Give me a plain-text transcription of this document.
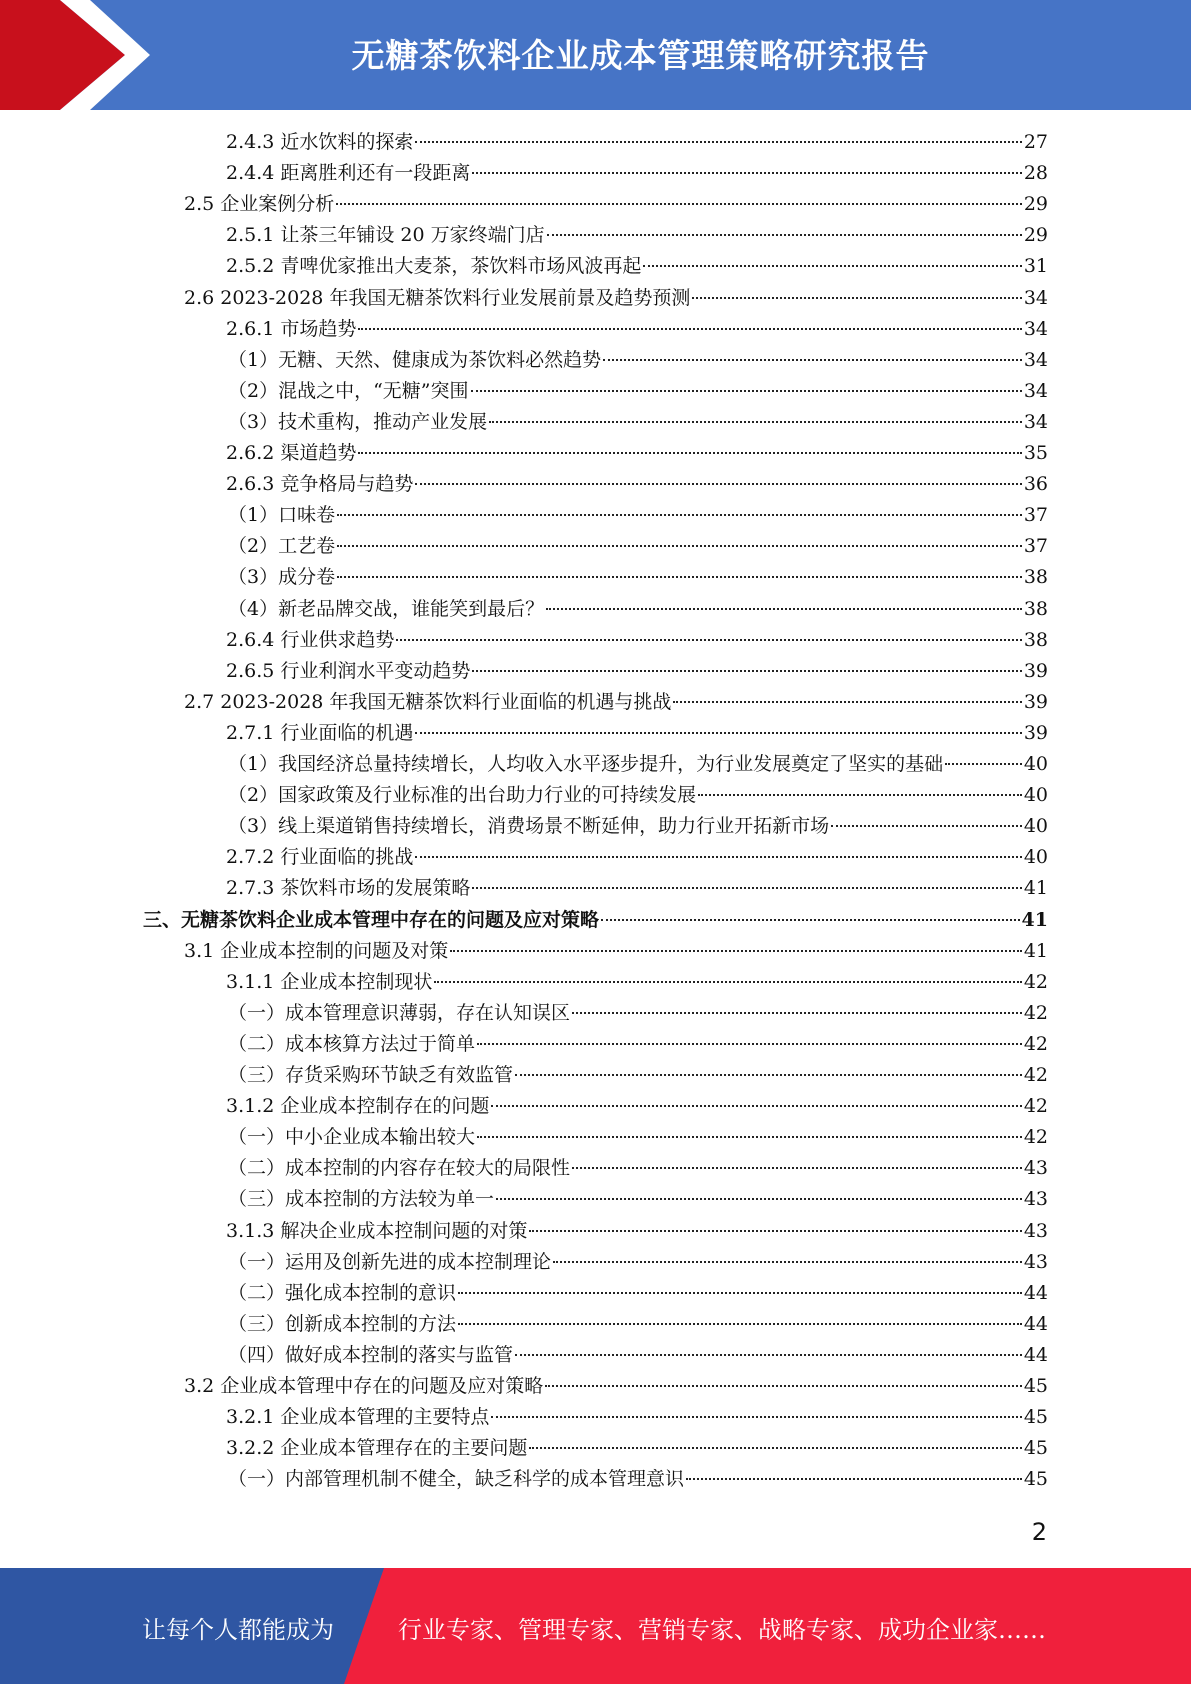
无糖茶饮料企业成本管理策略研究报告
2.4.3 近水饮料的探索	27
2.4.4 距离胜利还有一段距离	28
2.5 企业案例分析	29
2.5.1 让茶三年铺设 20 万家终端门店	29
2.5.2 青啤优家推出大麦茶，茶饮料市场风波再起	31
2.6 2023-2028 年我国无糖茶饮料行业发展前景及趋势预测	34
2.6.1 市场趋势	34
（1）无糖、天然、健康成为茶饮料必然趋势	34
（2）混战之中，“无糖”突围	34
（3）技术重构，推动产业发展	34
2.6.2 渠道趋势	35
2.6.3 竞争格局与趋势	36
（1）口味卷	37
（2）工艺卷	37
（3）成分卷	38
（4）新老品牌交战，谁能笑到最后？	38
2.6.4 行业供求趋势	38
2.6.5 行业利润水平变动趋势	39
2.7 2023-2028 年我国无糖茶饮料行业面临的机遇与挑战	39
2.7.1 行业面临的机遇	39
（1）我国经济总量持续增长，人均收入水平逐步提升，为行业发展奠定了坚实的基础	40
（2）国家政策及行业标准的出台助力行业的可持续发展	40
（3）线上渠道销售持续增长，消费场景不断延伸，助力行业开拓新市场	40
2.7.2 行业面临的挑战	40
2.7.3 茶饮料市场的发展策略	41
三、无糖茶饮料企业成本管理中存在的问题及应对策略	41
3.1 企业成本控制的问题及对策	41
3.1.1 企业成本控制现状	42
（一）成本管理意识薄弱，存在认知误区	42
（二）成本核算方法过于简单	42
（三）存货采购环节缺乏有效监管	42
3.1.2 企业成本控制存在的问题	42
（一）中小企业成本输出较大	42
（二）成本控制的内容存在较大的局限性	43
（三）成本控制的方法较为单一	43
3.1.3 解决企业成本控制问题的对策	43
（一）运用及创新先进的成本控制理论	43
（二）强化成本控制的意识	44
（三）创新成本控制的方法	44
（四）做好成本控制的落实与监管	44
3.2 企业成本管理中存在的问题及应对策略	45
3.2.1 企业成本管理的主要特点	45
3.2.2 企业成本管理存在的主要问题	45
（一）内部管理机制不健全，缺乏科学的成本管理意识	45
2
让每个人都能成为	行业专家、管理专家、营销专家、战略专家、成功企业家……
